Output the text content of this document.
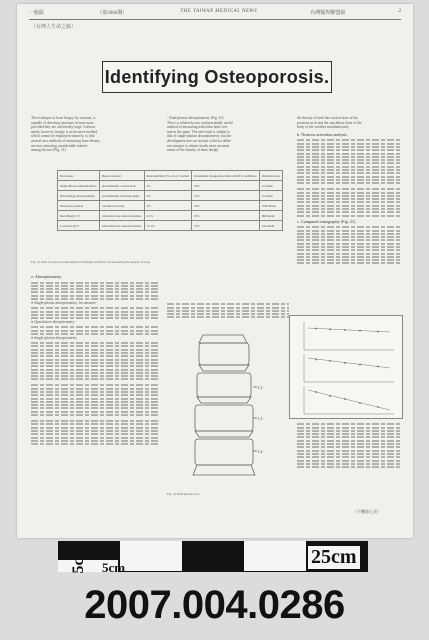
一般版	（第3666期）	THE TAIWAN MEDICAL NEWS	台灣醫界聯盟報	2
（台灣人生命之路）
Identifying Osteoporosis.
The technique of bone biopsy, by contrast, is
capable of detecting increases in bone mass
provided they are sufficiently large. Unfortu-
nately, however, biopsy is an invasive method
which cannot be employed routinely, so that
several new methods of measuring bone density
are now attracting considerable interest
among doctors (Fig. 21).
- Dual-photon absorptiometry (Fig. 21)
This is a relatively new and potentially useful
method of measuring trabecular bone con-
tent in the spine. The end result is similar to
that of single-photon absorptiometry, but the
development uses an isotope with two differ-
ent energies to obtain results more accurate
ments of the density of bone deeply
the density of both the cortical bone of the
posterior arch and the cancellous bone of the
body of the vertebra simultaneously.
b. Neutron activation analysis
c. Computed tomography (Fig. 21)
Procedures	Bone evaluated	Reproducibility (%, error) / normal	Incremental change detectable with 95% confidence	Radiation dose
Single-Photon Absorptiometry	predominantly cortical bone	2%	10%	10 mrem
Dual-Energy Absorptiometry	predominantly trabecular spine	5%	15%	10 mrem
Neutron Activation	calcium total body	4%	10%	1000 mrem
Dual-Energy CT	trabecular bone central vertebrae	4-5%	10%	800 mrem
Low Dose QCT	trabecular bone central vertebrae	5-11%	15%	100 mrem
Fig. 21 Data on selected bone mineral techniques available for measuring the density of bone
a. Absorptiometry
● Single-photon absorptiometry, for measure-
● Quantitative absorptiometry
● Single-photon absorptiometry
L2
L3
L4
Fig. 22 Dual-photon scan
（下轉第七頁）
5cm 5cm	25cm
2007.004.0286
